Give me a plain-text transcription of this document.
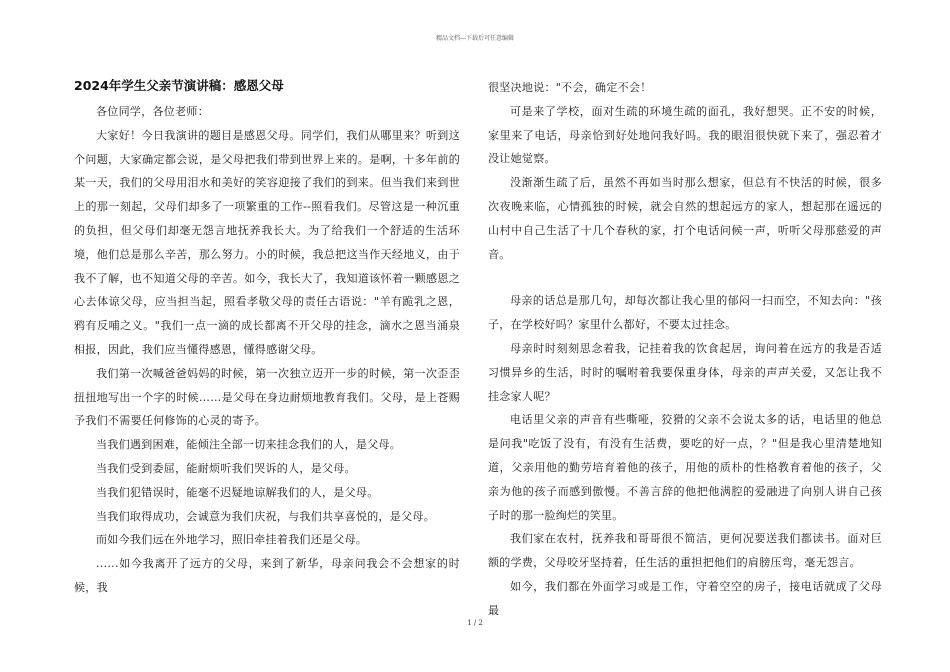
精品文档---下载后可任意编辑
2024年学生父亲节演讲稿：感恩父母

各位同学，各位老师：

大家好！今日我演讲的题目是感恩父母。同学们，我们从哪里来？听到这个问题，大家确定都会说，是父母把我们带到世界上来的。是啊，十多年前的某一天，我们的父母用泪水和美好的笑容迎接了我们的到来。但当我们来到世上的那一刻起，父母们却多了一项繁重的工作--照看我们。尽管这是一种沉重的负担，但父母们却毫无怨言地抚养我长大。为了给我们一个舒适的生活环境，他们总是那么辛苦，那么努力。小的时候，我总把这当作天经地义，由于我不了解，也不知道父母的辛苦。如今，我长大了，我知道该怀着一颗感恩之心去体谅父母，应当担当起，照看孝敬父母的责任古语说："羊有跪乳之恩，鸦有反哺之义。"我们一点一滴的成长都离不开父母的挂念，滴水之恩当涌泉相报，因此，我们应当懂得感恩，懂得感谢父母。

我们第一次喊爸爸妈妈的时候，第一次独立迈开一步的时候，第一次歪歪扭扭地写出一个字的时候……是父母在身边耐烦地教育我们。父母，是上苍赐予我们不需要任何修饰的心灵的寄予。

当我们遇到困难，能倾注全部一切来挂念我们的人，是父母。

当我们受到委屈，能耐烦听我们哭诉的人，是父母。

当我们犯错误时，能毫不迟疑地谅解我们的人，是父母。

当我们取得成功，会诚意为我们庆祝，与我们共享喜悦的，是父母。

而如今我们远在外地学习，照旧牵挂着我们还是父母。

......如今我离开了远方的父母，来到了新华，母亲问我会不会想家的时候，我

很坚决地说："不会，确定不会！

可是来了学校，面对生疏的环境生疏的面孔，我好想哭。正不安的时候，家里来了电话，母亲恰到好处地问我好吗。我的眼泪很快就下来了，强忍着才没让她觉察。

没渐渐生疏了后，虽然不再如当时那么想家，但总有不快活的时候，很多次夜晚来临，心情孤独的时候，就会自然的想起远方的家人，想起那在遥远的山村中自己生活了十几个春秋的家，打个电话问候一声，听听父母那慈爱的声音。

母亲的话总是那几句，却每次都让我心里的郁闷一扫而空，不知去向："孩子，在学校好吗？家里什么都好，不要太过挂念。

母亲时时刻刻思念着我，记挂着我的饮食起居，询问着在远方的我是否适习惯异乡的生活，时时的嘱咐着我要保重身体，母亲的声声关爱，又怎让我不挂念家人呢？

电话里父亲的声音有些嘶哑，狡猾的父亲不会说太多的话，电话里的他总是问我"吃饭了没有，有没有生活费，要吃的好一点，？"但是我心里清楚地知道，父亲用他的勤劳培育着他的孩子，用他的质朴的性格教育着他的孩子，父亲为他的孩子而感到傲慢。不善言辞的他把他满腔的爱融进了向别人讲自己孩子时的那一脸绚烂的笑里。

我们家在农村，抚养我和哥哥很不简洁，更何况要送我们都读书。面对巨额的学费，父母咬牙坚持着，任生活的重担把他们的肩膀压弯，毫无怨言。

如今，我们都在外面学习或是工作，守着空空的房子，接电话就成了父母最

1 / 2
